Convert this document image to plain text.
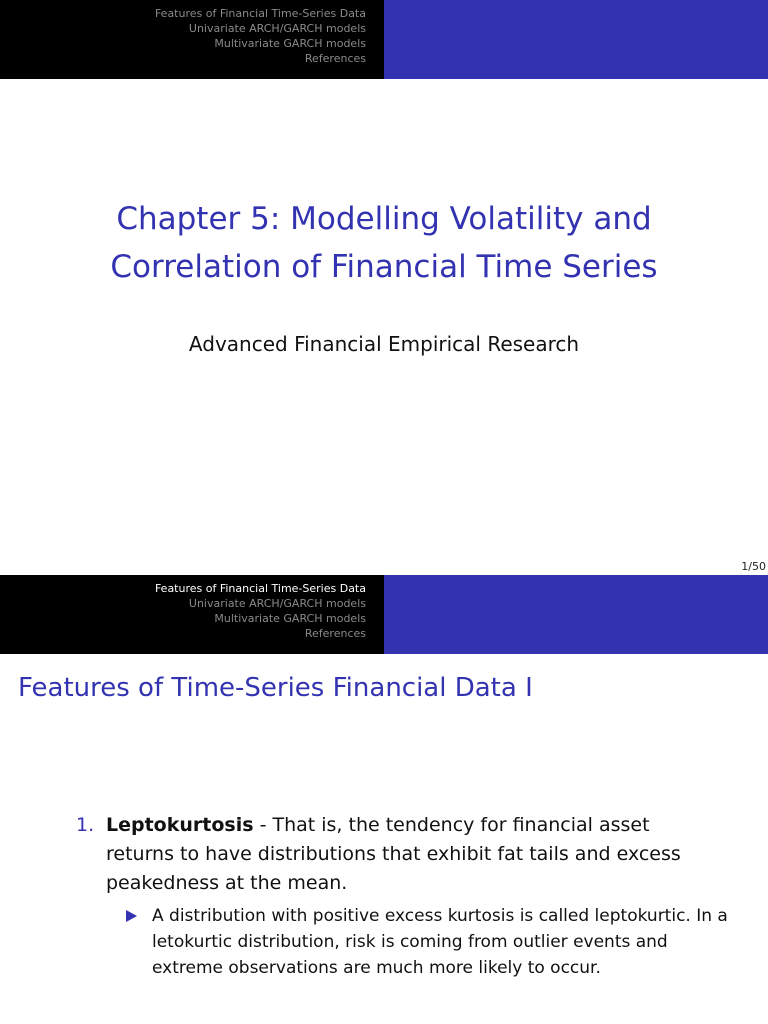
Features of Financial Time-Series Data
Univariate ARCH/GARCH models
Multivariate GARCH models
References
Chapter 5: Modelling Volatility and
Correlation of Financial Time Series
Advanced Financial Empirical Research
1/50
Features of Financial Time-Series Data
Univariate ARCH/GARCH models
Multivariate GARCH models
References
Features of Time-Series Financial Data I
1. Leptokurtosis - That is, the tendency for financial asset returns to have distributions that exhibit fat tails and excess peakedness at the mean.
A distribution with positive excess kurtosis is called leptokurtic. In a letokurtic distribution, risk is coming from outlier events and extreme observations are much more likely to occur.
